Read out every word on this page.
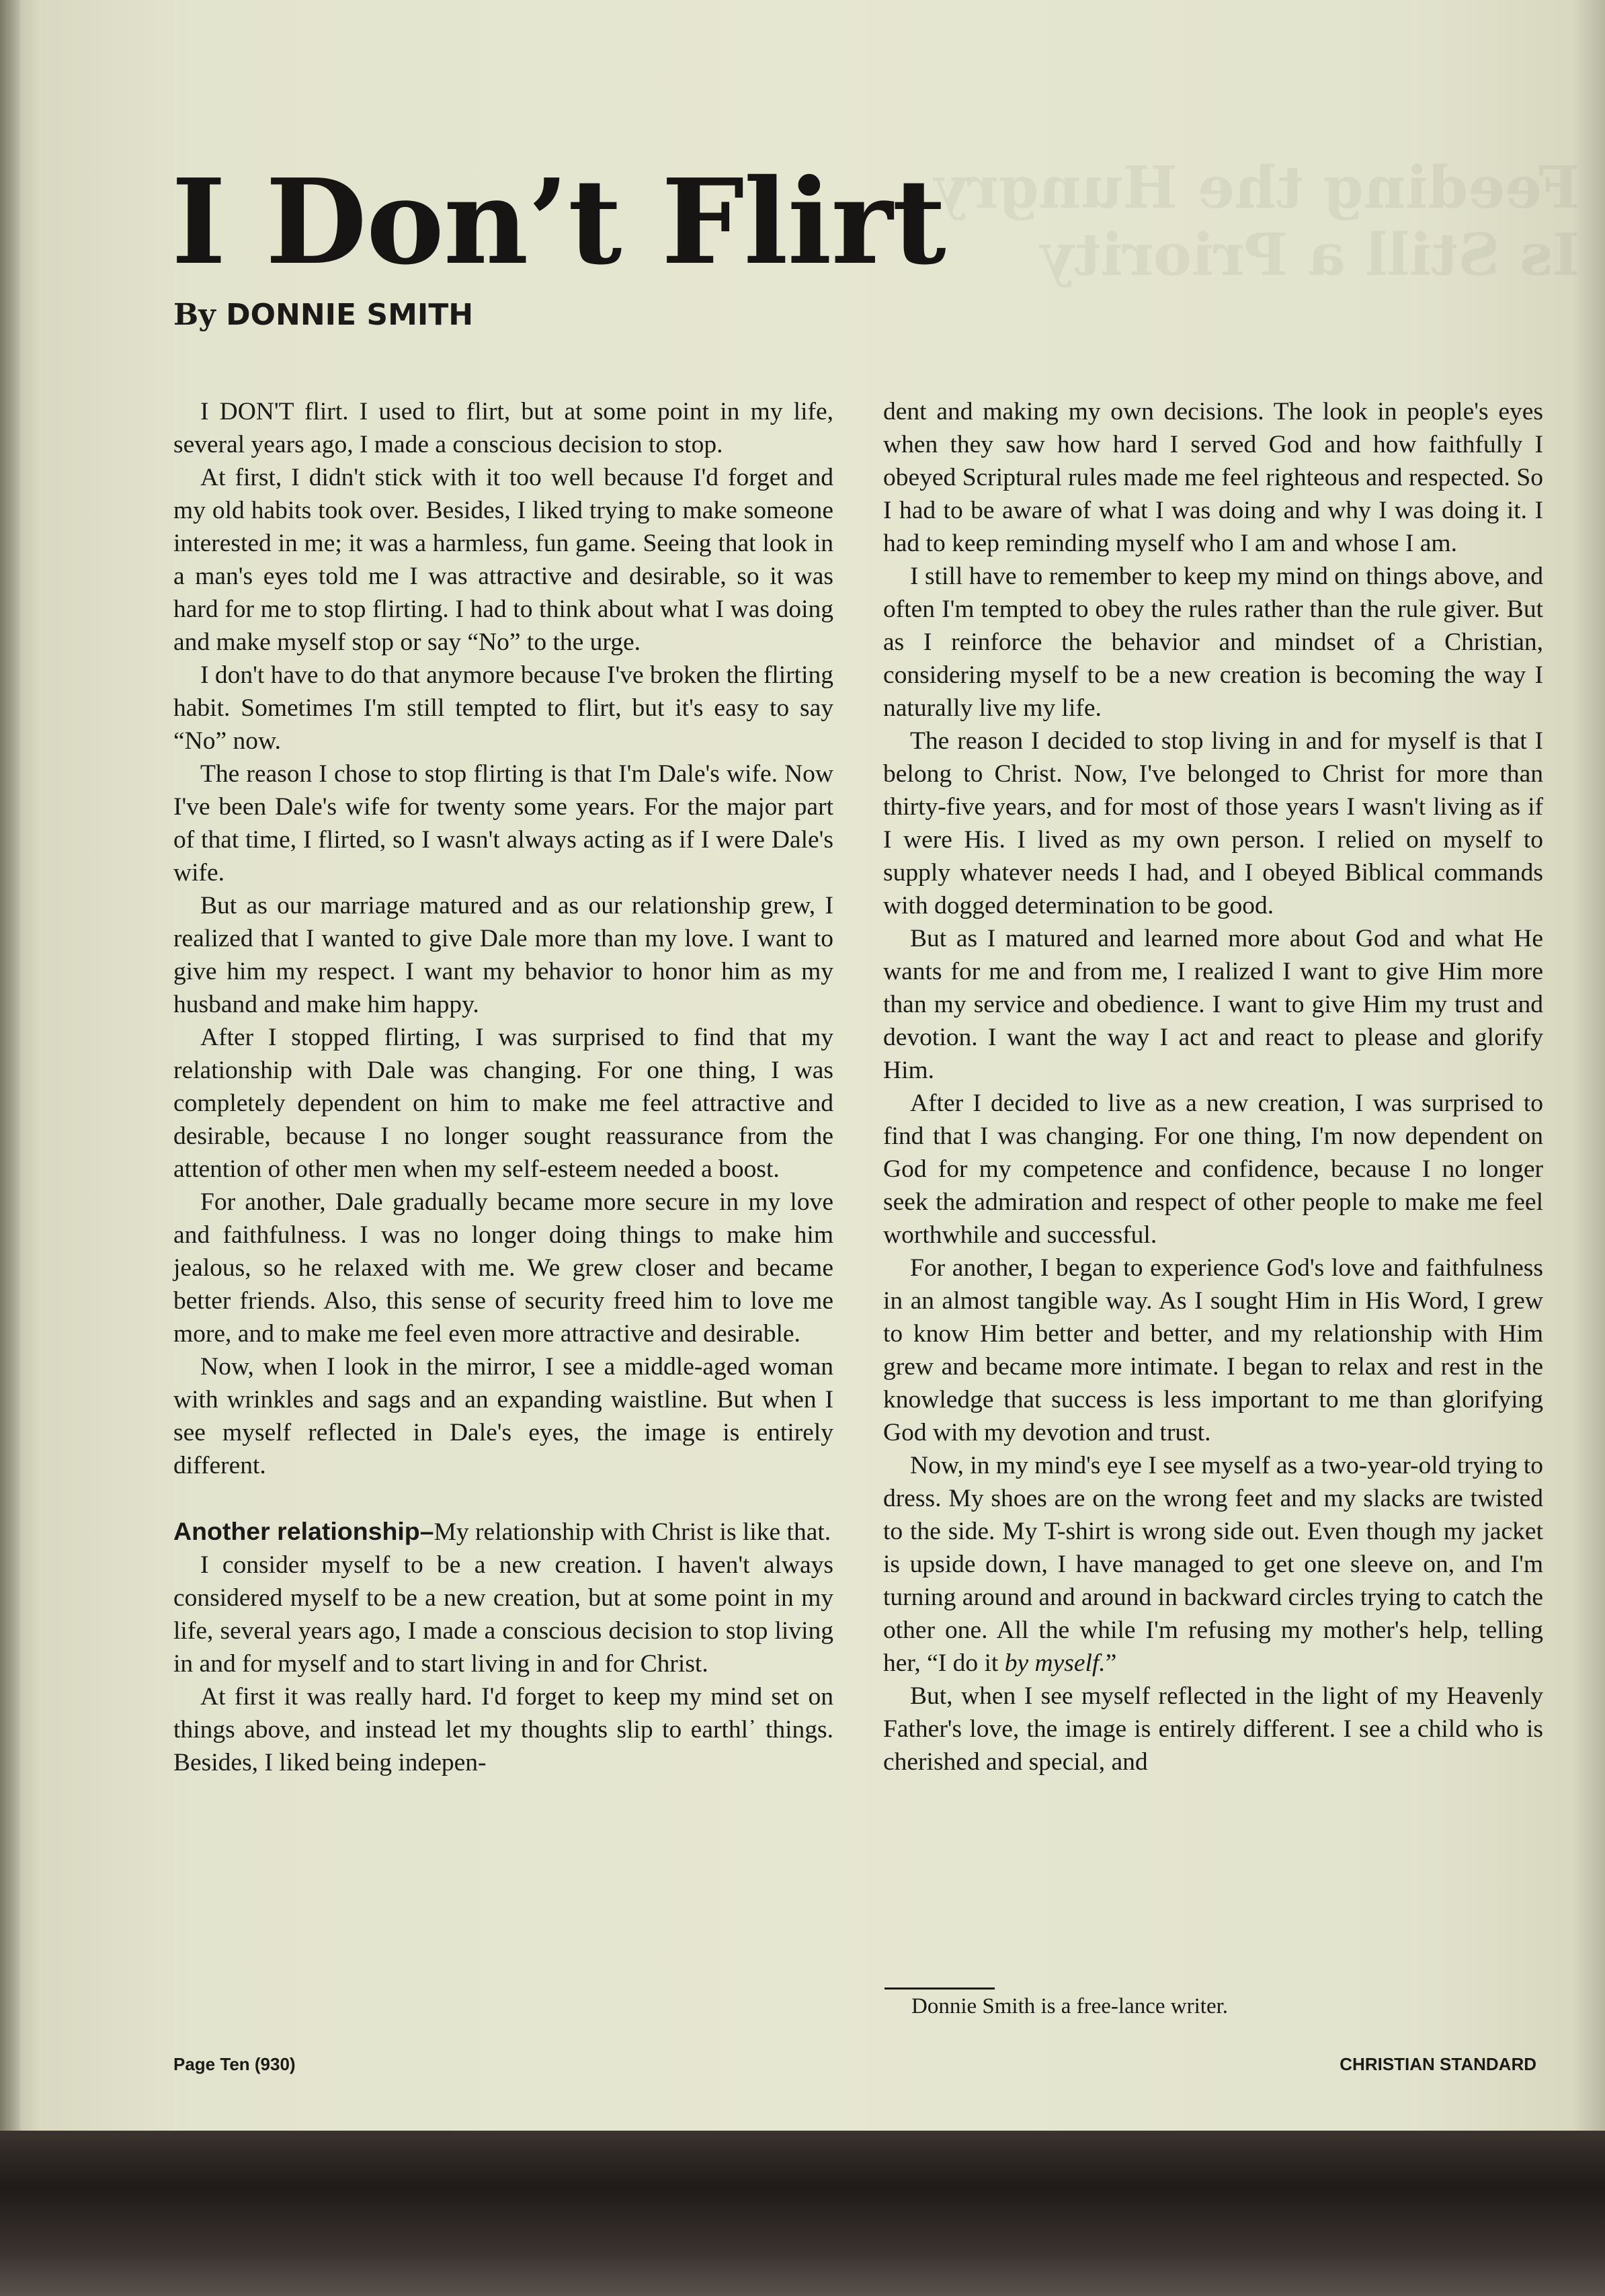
Feeding the Hungry
Is Still a Priority
I Don’t Flirt

By DONNIE SMITH

I DON'T flirt. I used to flirt, but at some point in my life, several years ago, I made a conscious decision to stop.

At first, I didn't stick with it too well because I'd forget and my old habits took over. Besides, I liked trying to make someone interested in me; it was a harmless, fun game. Seeing that look in a man's eyes told me I was attractive and desirable, so it was hard for me to stop flirting. I had to think about what I was doing and make myself stop or say “No” to the urge.

I don't have to do that anymore because I've broken the flirting habit. Sometimes I'm still tempted to flirt, but it's easy to say “No” now.

The reason I chose to stop flirting is that I'm Dale's wife. Now I've been Dale's wife for twenty some years. For the major part of that time, I flirted, so I wasn't always acting as if I were Dale's wife.

But as our marriage matured and as our relationship grew, I realized that I wanted to give Dale more than my love. I want to give him my respect. I want my behavior to honor him as my husband and make him happy.

After I stopped flirting, I was surprised to find that my relationship with Dale was changing. For one thing, I was completely dependent on him to make me feel attractive and desirable, because I no longer sought reassurance from the attention of other men when my self-esteem needed a boost.

For another, Dale gradually became more secure in my love and faithfulness. I was no longer doing things to make him jealous, so he relaxed with me. We grew closer and became better friends. Also, this sense of security freed him to love me more, and to make me feel even more attractive and desirable.

Now, when I look in the mirror, I see a middle-aged woman with wrinkles and sags and an expanding waistline. But when I see myself reflected in Dale's eyes, the image is entirely different.

Another relationship–My relationship with Christ is like that.

I consider myself to be a new creation. I haven't always considered myself to be a new creation, but at some point in my life, several years ago, I made a conscious decision to stop living in and for myself and to start living in and for Christ.

At first it was really hard. I'd forget to keep my mind set on things above, and instead let my thoughts slip to earthl᾽ things. Besides, I liked being indepen-

dent and making my own decisions. The look in people's eyes when they saw how hard I served God and how faithfully I obeyed Scriptural rules made me feel righteous and respected. So I had to be aware of what I was doing and why I was doing it. I had to keep reminding myself who I am and whose I am.

I still have to remember to keep my mind on things above, and often I'm tempted to obey the rules rather than the rule giver. But as I reinforce the behavior and mindset of a Christian, considering myself to be a new creation is becoming the way I naturally live my life.

The reason I decided to stop living in and for myself is that I belong to Christ. Now, I've belonged to Christ for more than thirty-five years, and for most of those years I wasn't living as if I were His. I lived as my own person. I relied on myself to supply whatever needs I had, and I obeyed Biblical commands with dogged determination to be good.

But as I matured and learned more about God and what He wants for me and from me, I realized I want to give Him more than my service and obedience. I want to give Him my trust and devotion. I want the way I act and react to please and glorify Him.

After I decided to live as a new creation, I was surprised to find that I was changing. For one thing, I'm now dependent on God for my competence and confidence, because I no longer seek the admiration and respect of other people to make me feel worthwhile and successful.

For another, I began to experience God's love and faithfulness in an almost tangible way. As I sought Him in His Word, I grew to know Him better and better, and my relationship with Him grew and became more intimate. I began to relax and rest in the knowledge that success is less important to me than glorifying God with my devotion and trust.

Now, in my mind's eye I see myself as a two-year-old trying to dress. My shoes are on the wrong feet and my slacks are twisted to the side. My T-shirt is wrong side out. Even though my jacket is upside down, I have managed to get one sleeve on, and I'm turning around and around in backward circles trying to catch the other one. All the while I'm refusing my mother's help, telling her, “I do it by myself.”

But, when I see myself reflected in the light of my Heavenly Father's love, the image is entirely different. I see a child who is cherished and special, and

Donnie Smith is a free-lance writer.

Page Ten (930)	CHRISTIAN STANDARD
